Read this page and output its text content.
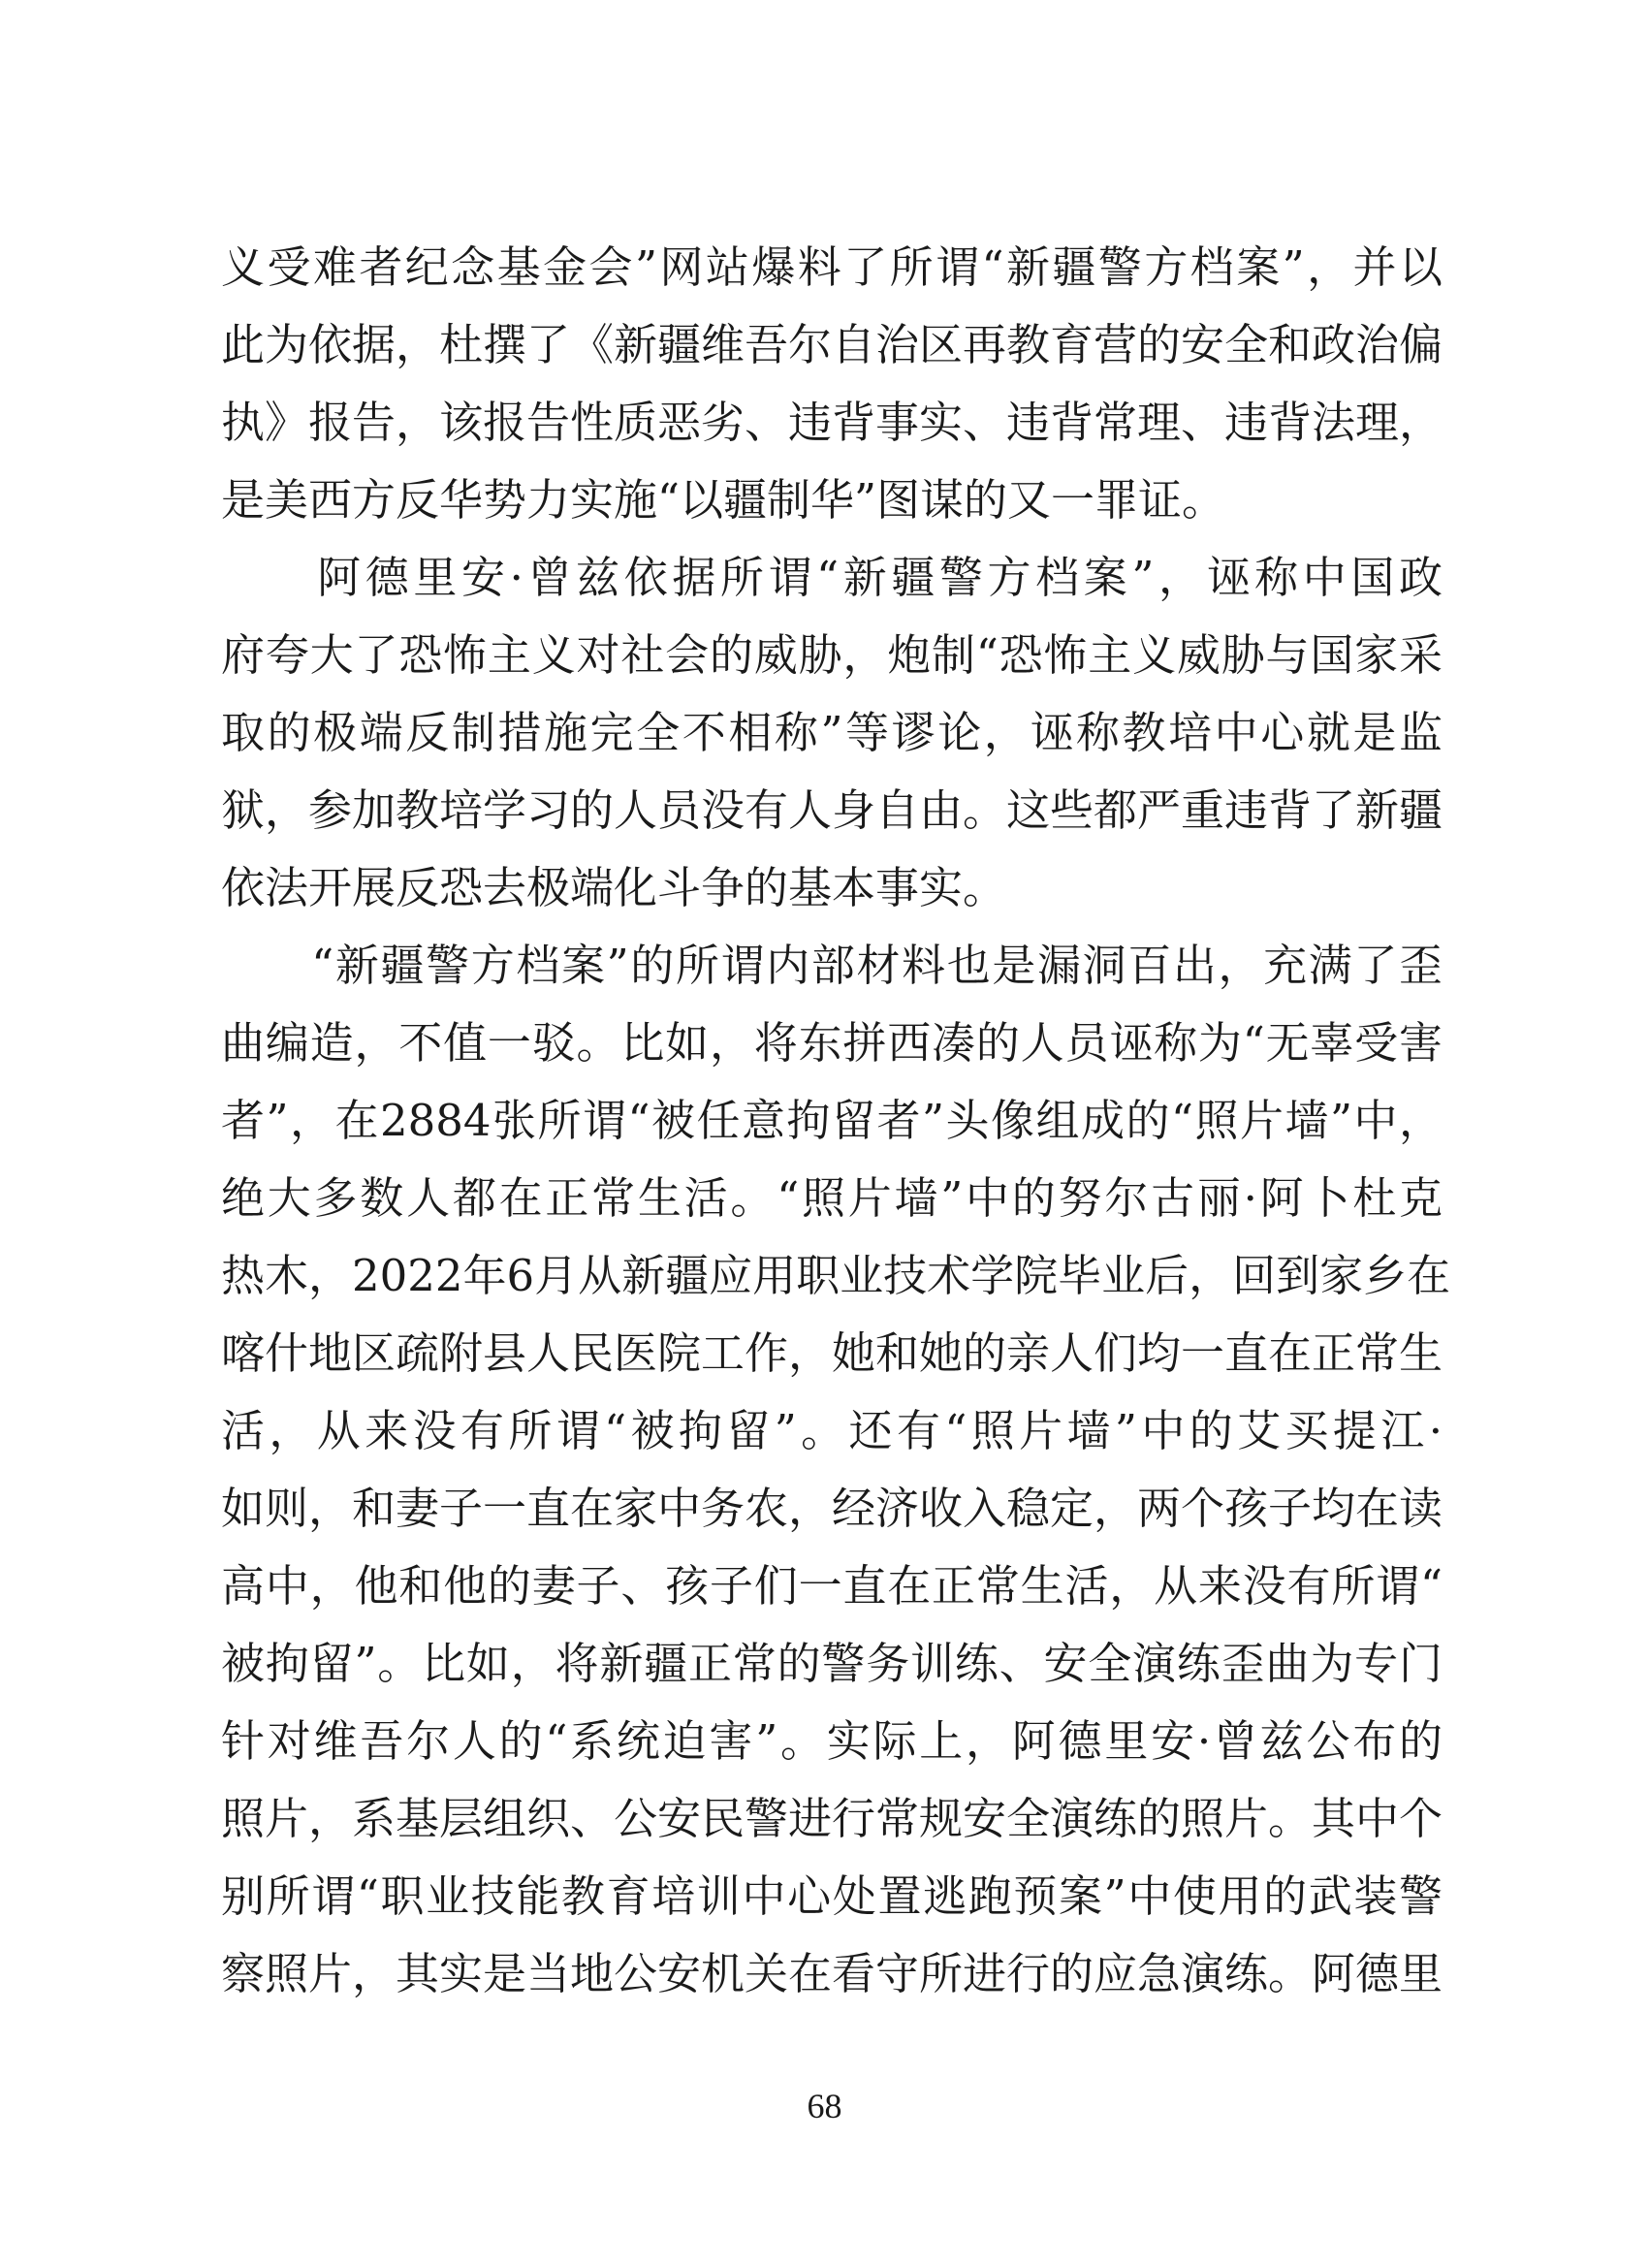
义受难者纪念基金会”网站爆料了所谓“新疆警方档案”，并以
此为依据，杜撰了《新疆维吾尔自治区再教育营的安全和政治偏
执》报告，该报告性质恶劣、违背事实、违背常理、违背法理，
是美西方反华势力实施“以疆制华”图谋的又一罪证。
　　阿德里安·曾兹依据所谓“新疆警方档案”，诬称中国政
府夸大了恐怖主义对社会的威胁，炮制“恐怖主义威胁与国家采
取的极端反制措施完全不相称”等谬论，诬称教培中心就是监
狱，参加教培学习的人员没有人身自由。这些都严重违背了新疆
依法开展反恐去极端化斗争的基本事实。
　　“新疆警方档案”的所谓内部材料也是漏洞百出，充满了歪
曲编造，不值一驳。比如，将东拼西凑的人员诬称为“无辜受害
者”，在2884张所谓“被任意拘留者”头像组成的“照片墙”中，
绝大多数人都在正常生活。“照片墙”中的努尔古丽·阿卜杜克
热木，2022年6月从新疆应用职业技术学院毕业后，回到家乡在
喀什地区疏附县人民医院工作，她和她的亲人们均一直在正常生
活，从来没有所谓“被拘留”。还有“照片墙”中的艾买提江·
如则，和妻子一直在家中务农，经济收入稳定，两个孩子均在读
高中，他和他的妻子、孩子们一直在正常生活，从来没有所谓“
被拘留”。比如，将新疆正常的警务训练、安全演练歪曲为专门
针对维吾尔人的“系统迫害”。实际上，阿德里安·曾兹公布的
照片，系基层组织、公安民警进行常规安全演练的照片。其中个
别所谓“职业技能教育培训中心处置逃跑预案”中使用的武装警
察照片，其实是当地公安机关在看守所进行的应急演练。阿德里
68
